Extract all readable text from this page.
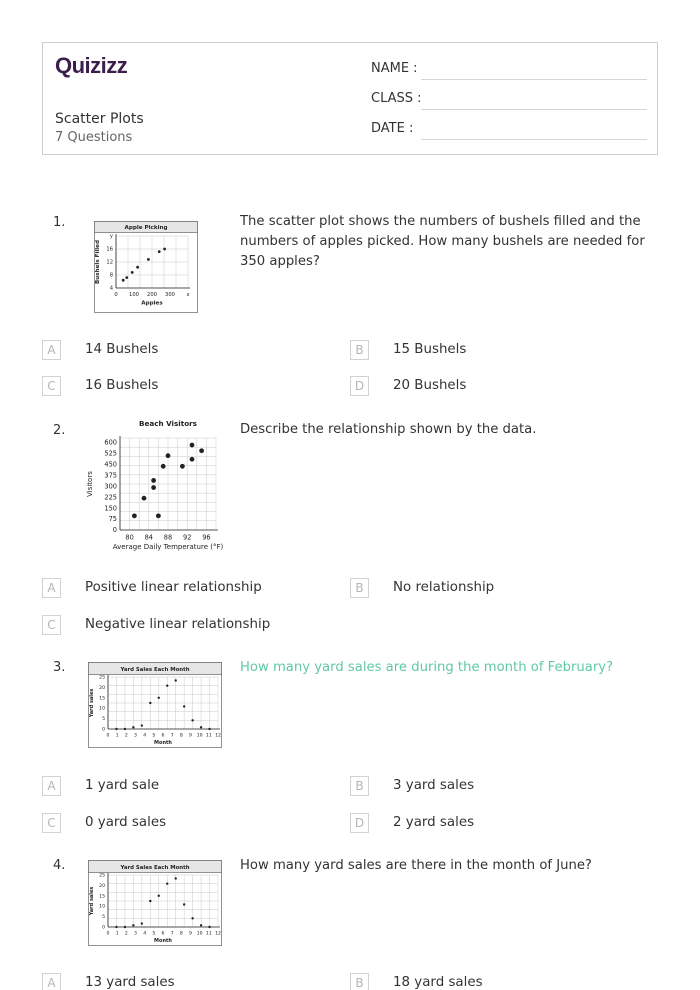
Quizizz
Scatter Plots
7 Questions
NAME :
CLASS :
DATE :
1.	Apple Picking
0 100 200 300 x
4
8
12
16
y
Apples
Bushels Filled
The scatter plot shows the numbers of bushels filled and the numbers of apples picked. How many bushels are needed for 350 apples?
A	14 Bushels	B	15 Bushels
C	16 Bushels	D	20 Bushels
2.	Beach Visitors
80 84 88 92 96
0
75
150
225
300
375
450
525
600
Average Daily Temperature (°F)
Visitors
Describe the relationship shown by the data.
A	Positive linear relationship	B	No relationship
C	Negative linear relationship
3.	Yard Sales Each Month
0 1 2 3 4 5 6 7 8 9 10 11 12
0
5
10
15
20
25
Month
Yard sales
How many yard sales are during the month of February?
A	1 yard sale	B	3 yard sales
C	0 yard sales	D	2 yard sales
4.	Yard Sales Each Month
0 1 2 3 4 5 6 7 8 9 10 11 12
0
5
10
15
20
25
Month
Yard sales
How many yard sales are there in the month of June?
A	13 yard sales	B	18 yard sales
